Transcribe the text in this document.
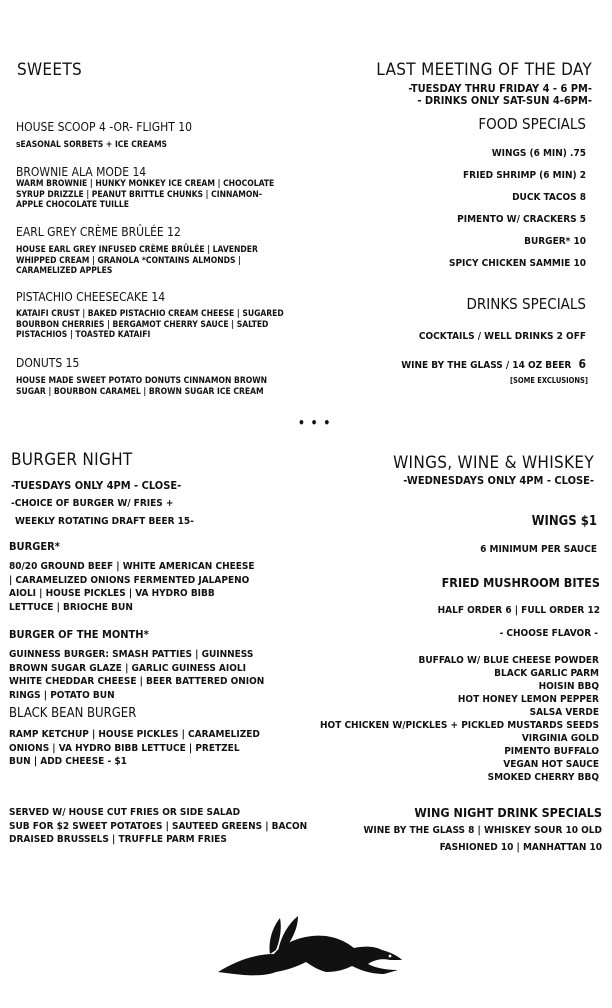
SWEETS
HOUSE SCOOP 4 -OR- FLIGHT 10
sEASONAL SORBETS + ICE CREAMS
BROWNIE ALA MODE 14
WARM BROWNIE | HUNKY MONKEY ICE CREAM | CHOCOLATE SYRUP DRIZZLE | PEANUT BRITTLE CHUNKS | CINNAMON- APPLE CHOCOLATE TUILLE
EARL GREY CRÈME BRÛLÉE 12
HOUSE EARL GREY INFUSED CRÈME BRÛLÉE | LAVENDER WHIPPED CREAM | GRANOLA *CONTAINS ALMONDS | CARAMELIZED APPLES
PISTACHIO CHEESECAKE 14
KATAIFI CRUST | BAKED PISTACHIO CREAM CHEESE | SUGARED BOURBON CHERRIES | BERGAMOT CHERRY SAUCE | SALTED PISTACHIOS | TOASTED KATAIFI
DONUTS 15
HOUSE MADE SWEET POTATO DONUTS CINNAMON BROWN SUGAR | BOURBON CARAMEL | BROWN SUGAR ICE CREAM
LAST MEETING OF THE DAY
-TUESDAY THRU FRIDAY 4 - 6 PM-
- DRINKS ONLY SAT-SUN 4-6PM-
FOOD SPECIALS
WINGS (6 MIN) .75
FRIED SHRIMP (6 MIN) 2
DUCK TACOS 8
PIMENTO W/ CRACKERS 5
BURGER* 10
SPICY CHICKEN SAMMIE 10
DRINKS SPECIALS
COCKTAILS / WELL DRINKS 2 OFF
WINE BY THE GLASS / 14 OZ BEER 6
[SOME EXCLUSIONS]
• • •
BURGER NIGHT
-TUESDAYS ONLY 4PM - CLOSE-
-CHOICE OF BURGER W/ FRIES +
WEEKLY ROTATING DRAFT BEER 15-
BURGER*
80/20 GROUND BEEF | WHITE AMERICAN CHEESE
| CARAMELIZED ONIONS FERMENTED JALAPENO
AIOLI | HOUSE PICKLES | VA HYDRO BIBB
LETTUCE | BRIOCHE BUN
BURGER OF THE MONTH*
GUINNESS BURGER: SMASH PATTIES | GUINNESS
BROWN SUGAR GLAZE | GARLIC GUINESS AIOLI
WHITE CHEDDAR CHEESE | BEER BATTERED ONION
RINGS | POTATO BUN
BLACK BEAN BURGER
RAMP KETCHUP | HOUSE PICKLES | CARAMELIZED
ONIONS | VA HYDRO BIBB LETTUCE | PRETZEL
BUN | ADD CHEESE - $1
SERVED W/ HOUSE CUT FRIES OR SIDE SALAD
SUB FOR $2 SWEET POTATOES | SAUTEED GREENS | BACON
DRAISED BRUSSELS | TRUFFLE PARM FRIES
WINGS, WINE & WHISKEY
-WEDNESDAYS ONLY 4PM - CLOSE-
WINGS $1
6 MINIMUM PER SAUCE
FRIED MUSHROOM BITES
HALF ORDER 6 | FULL ORDER 12
- CHOOSE FLAVOR -
BUFFALO W/ BLUE CHEESE POWDER
BLACK GARLIC PARM
HOISIN BBQ
HOT HONEY LEMON PEPPER
SALSA VERDE
HOT CHICKEN W/PICKLES + PICKLED MUSTARDS SEEDS
VIRGINIA GOLD
PIMENTO BUFFALO
VEGAN HOT SAUCE
SMOKED CHERRY BBQ
WING NIGHT DRINK SPECIALS
WINE BY THE GLASS 8 | WHISKEY SOUR 10 OLD
FASHIONED 10 | MANHATTAN 10
